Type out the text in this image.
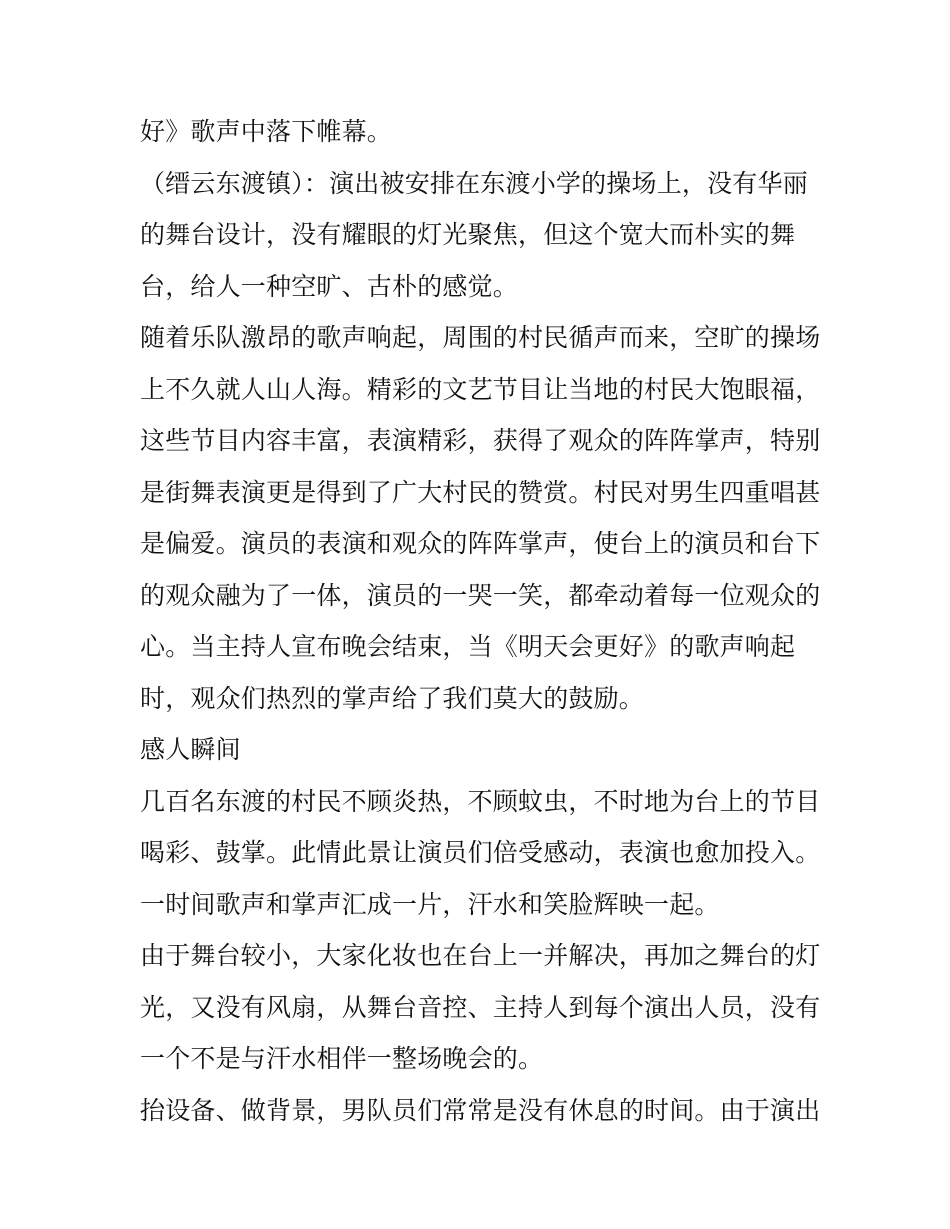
好》歌声中落下帷幕。
（缙云东渡镇）：演出被安排在东渡小学的操场上，没有华丽
的舞台设计，没有耀眼的灯光聚焦，但这个宽大而朴实的舞
台，给人一种空旷、古朴的感觉。
随着乐队激昂的歌声响起，周围的村民循声而来，空旷的操场
上不久就人山人海。精彩的文艺节目让当地的村民大饱眼福，
这些节目内容丰富，表演精彩，获得了观众的阵阵掌声，特别
是街舞表演更是得到了广大村民的赞赏。村民对男生四重唱甚
是偏爱。演员的表演和观众的阵阵掌声，使台上的演员和台下
的观众融为了一体，演员的一哭一笑，都牵动着每一位观众的
心。当主持人宣布晚会结束，当《明天会更好》的歌声响起
时，观众们热烈的掌声给了我们莫大的鼓励。
感人瞬间
几百名东渡的村民不顾炎热，不顾蚊虫，不时地为台上的节目
喝彩、鼓掌。此情此景让演员们倍受感动，表演也愈加投入。
一时间歌声和掌声汇成一片，汗水和笑脸辉映一起。
由于舞台较小，大家化妆也在台上一并解决，再加之舞台的灯
光，又没有风扇，从舞台音控、主持人到每个演出人员，没有
一个不是与汗水相伴一整场晚会的。
抬设备、做背景，男队员们常常是没有休息的时间。由于演出
